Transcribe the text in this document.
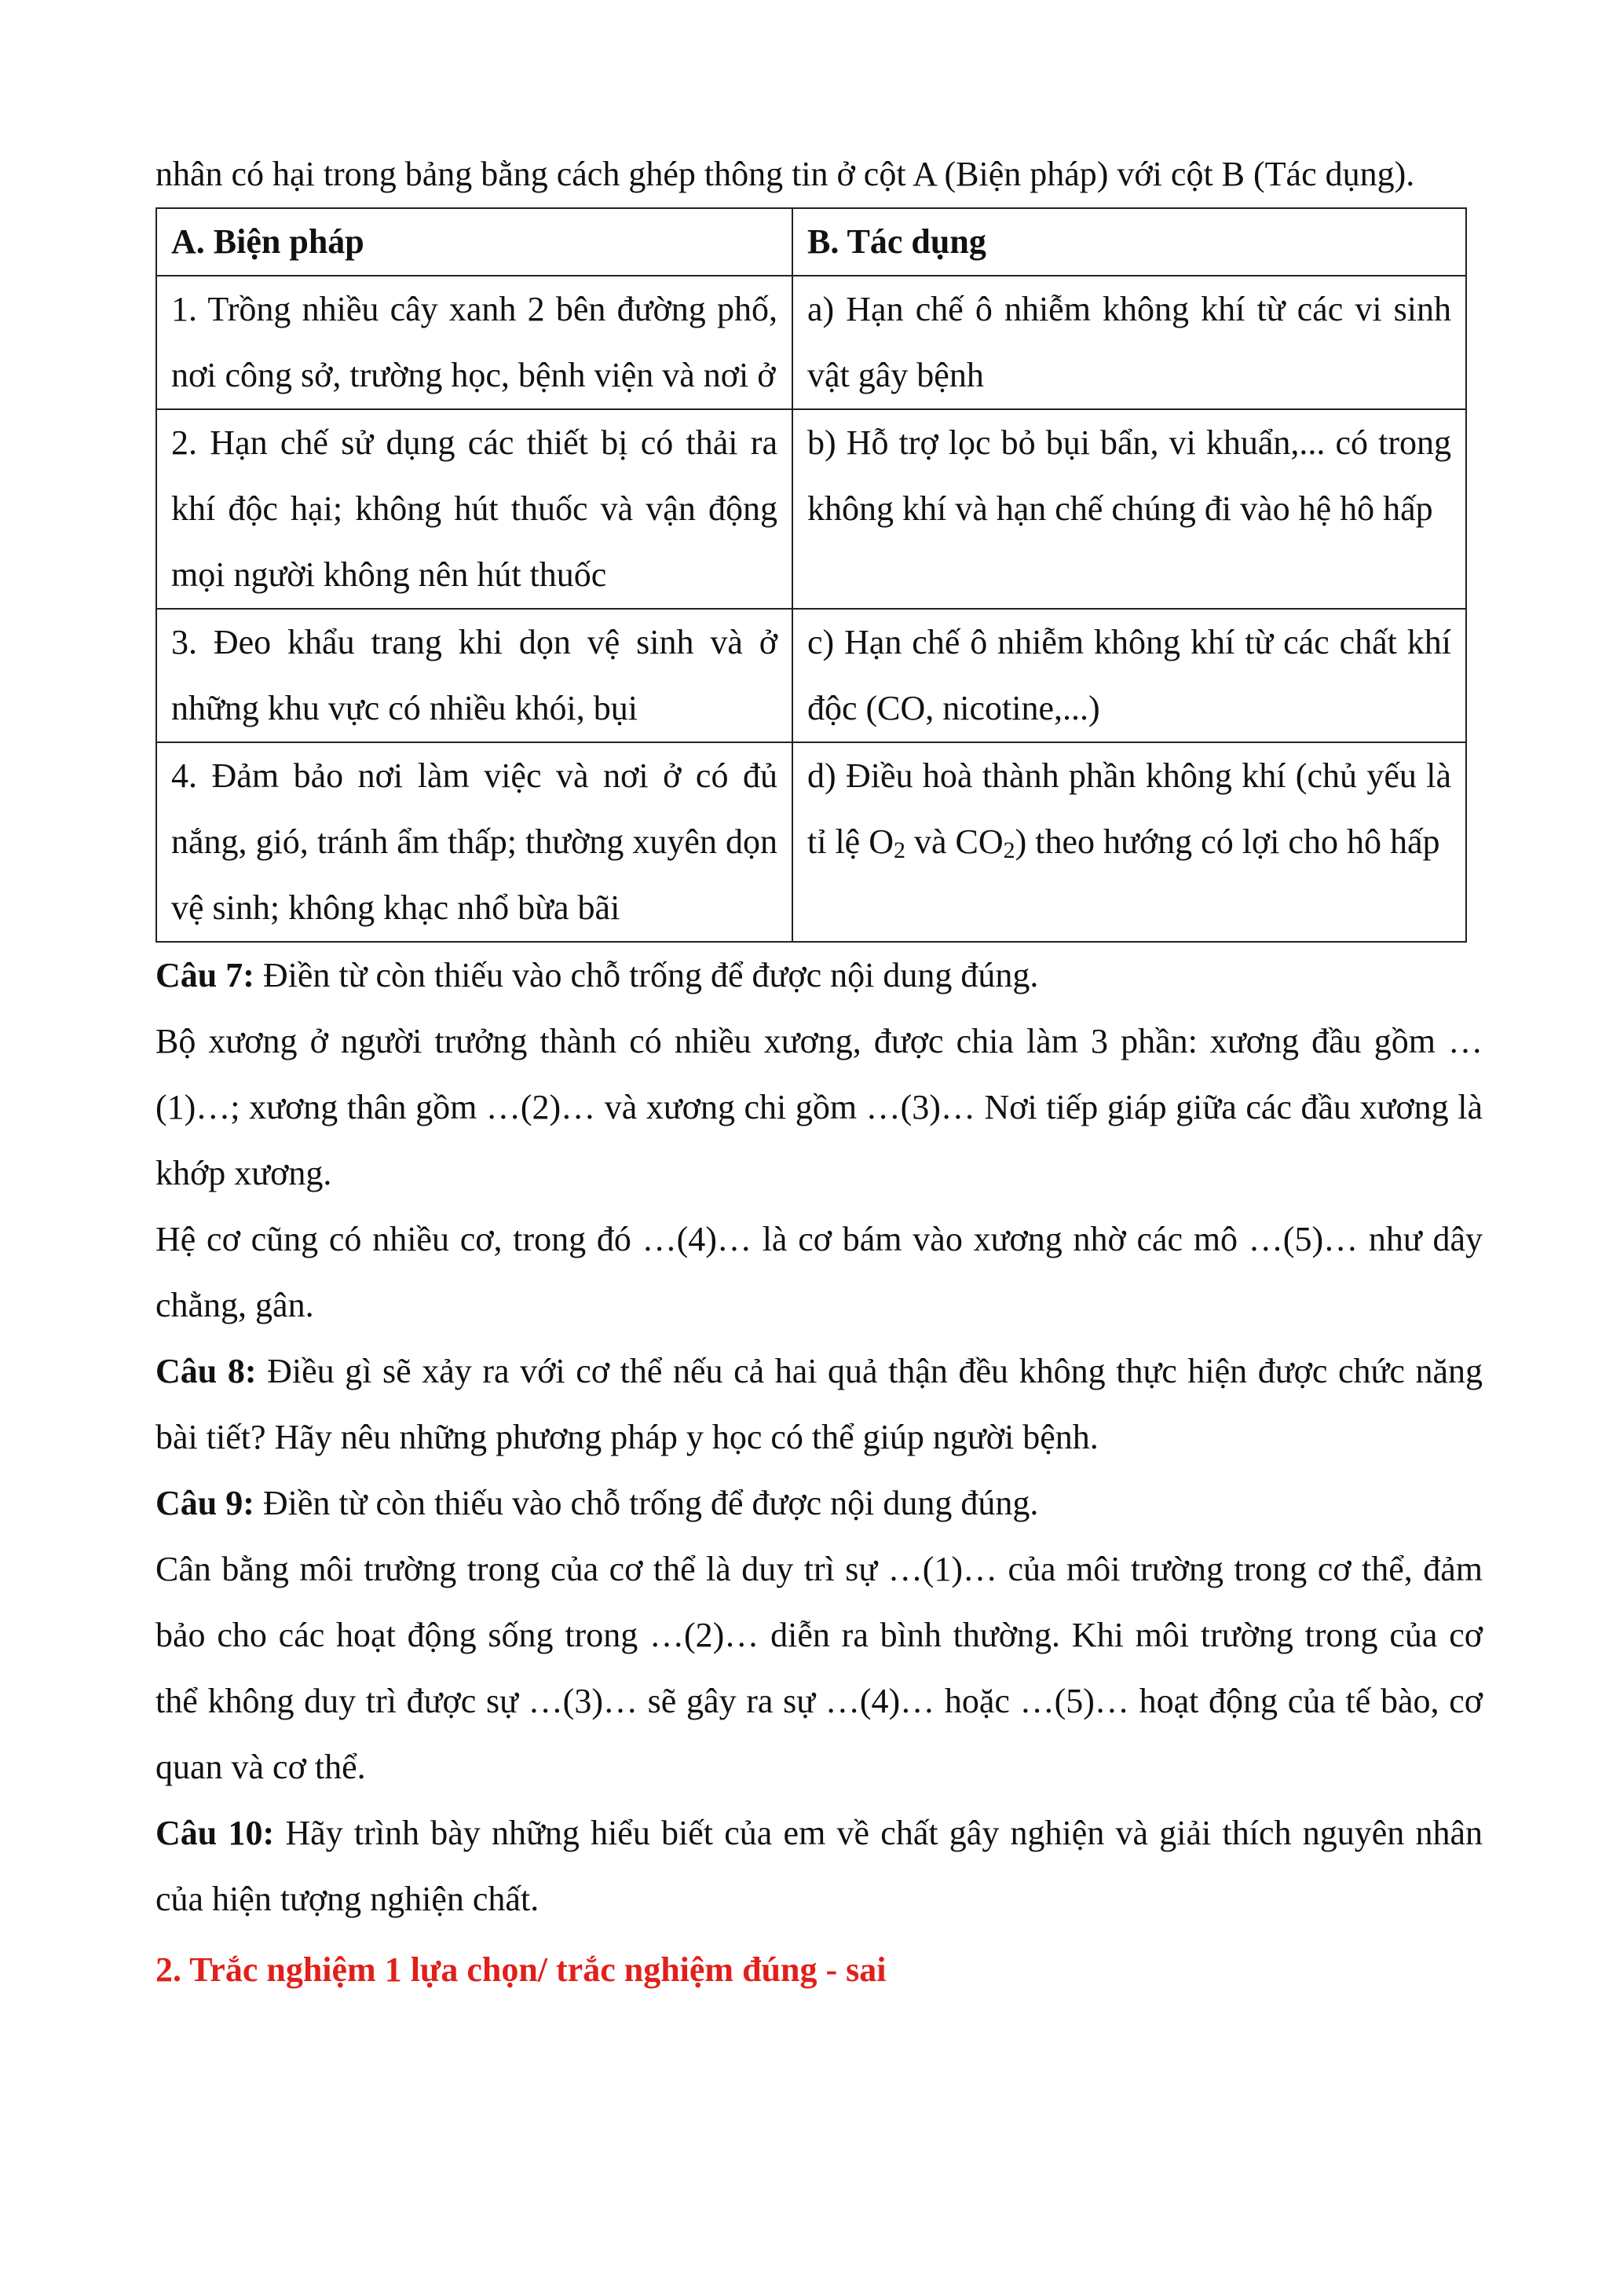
nhân có hại trong bảng bằng cách ghép thông tin ở cột A (Biện pháp) với cột B (Tác dụng).

A. Biện pháp	B. Tác dụng
1. Trồng nhiều cây xanh 2 bên đường phố, nơi công sở, trường học, bệnh viện và nơi ở	a) Hạn chế ô nhiễm không khí từ các vi sinh vật gây bệnh
2. Hạn chế sử dụng các thiết bị có thải ra khí độc hại; không hút thuốc và vận động mọi người không nên hút thuốc	b) Hỗ trợ lọc bỏ bụi bẩn, vi khuẩn,... có trong không khí và hạn chế chúng đi vào hệ hô hấp
3. Đeo khẩu trang khi dọn vệ sinh và ở những khu vực có nhiều khói, bụi	c) Hạn chế ô nhiễm không khí từ các chất khí độc (CO, nicotine,...)
4. Đảm bảo nơi làm việc và nơi ở có đủ nắng, gió, tránh ẩm thấp; thường xuyên dọn vệ sinh; không khạc nhổ bừa bãi	d) Điều hoà thành phần không khí (chủ yếu là tỉ lệ $O_2$ và $CO_2$) theo hướng có lợi cho hô hấp

Câu 7: Điền từ còn thiếu vào chỗ trống để được nội dung đúng.

Bộ xương ở người trưởng thành có nhiều xương, được chia làm 3 phần: xương đầu gồm …(1)…; xương thân gồm …(2)… và xương chi gồm …(3)… Nơi tiếp giáp giữa các đầu xương là khớp xương.

Hệ cơ cũng có nhiều cơ, trong đó …(4)… là cơ bám vào xương nhờ các mô …(5)… như dây chằng, gân.

Câu 8: Điều gì sẽ xảy ra với cơ thể nếu cả hai quả thận đều không thực hiện được chức năng bài tiết? Hãy nêu những phương pháp y học có thể giúp người bệnh.

Câu 9: Điền từ còn thiếu vào chỗ trống để được nội dung đúng.

Cân bằng môi trường trong của cơ thể là duy trì sự …(1)… của môi trường trong cơ thể, đảm bảo cho các hoạt động sống trong …(2)… diễn ra bình thường. Khi môi trường trong của cơ thể không duy trì được sự …(3)… sẽ gây ra sự …(4)… hoặc …(5)… hoạt động của tế bào, cơ quan và cơ thể.

Câu 10: Hãy trình bày những hiểu biết của em về chất gây nghiện và giải thích nguyên nhân của hiện tượng nghiện chất.

2. Trắc nghiệm 1 lựa chọn/ trắc nghiệm đúng - sai
